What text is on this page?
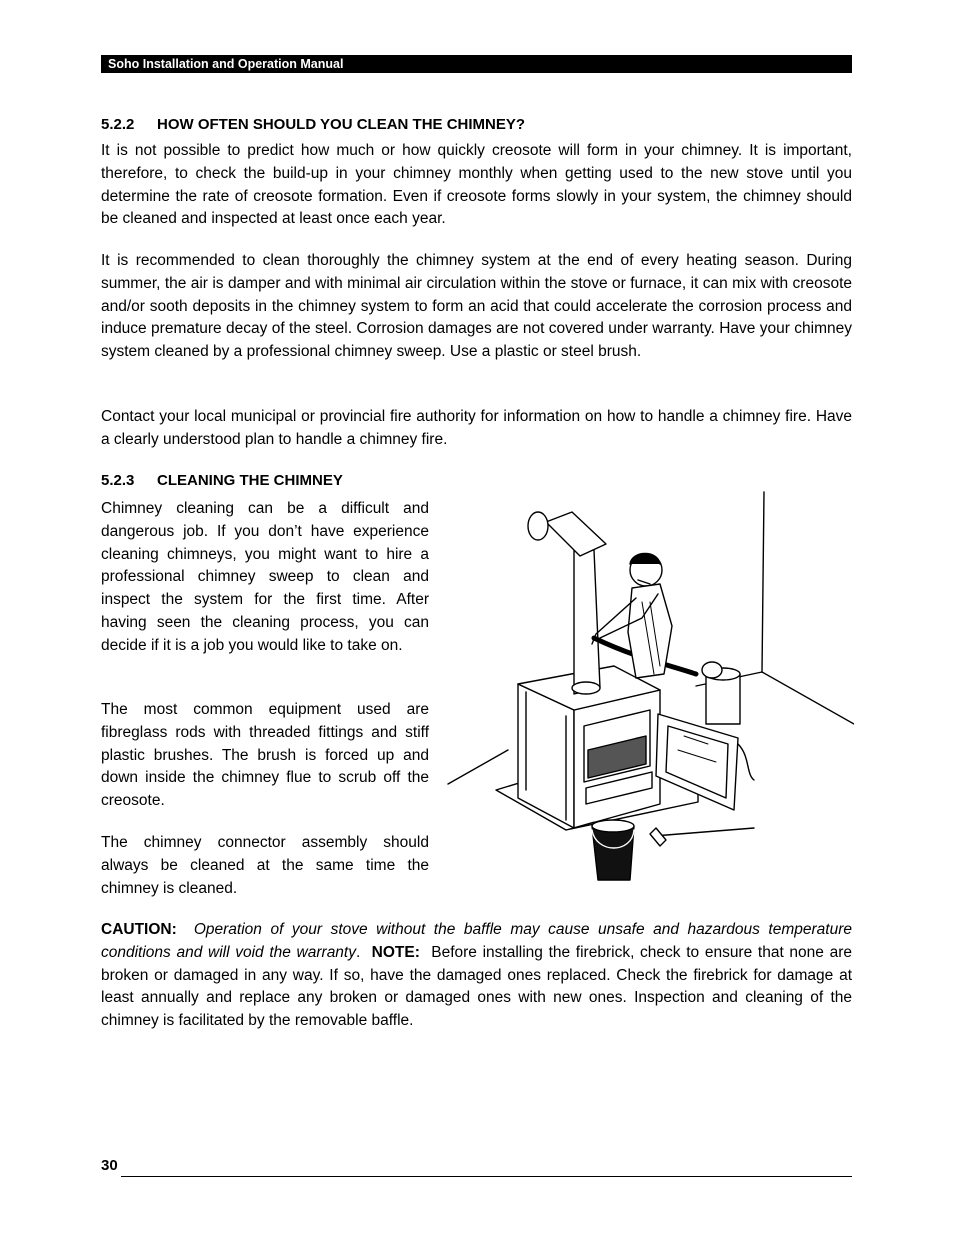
Soho Installation and Operation Manual
5.2.2 HOW OFTEN SHOULD YOU CLEAN THE CHIMNEY?

It is not possible to predict how much or how quickly creosote will form in your chimney. It is important, therefore, to check the build-up in your chimney monthly when getting used to the new stove until you determine the rate of creosote formation. Even if creosote forms slowly in your system, the chimney should be cleaned and inspected at least once each year.

It is recommended to clean thoroughly the chimney system at the end of every heating season. During summer, the air is damper and with minimal air circulation within the stove or furnace, it can mix with creosote and/or sooth deposits in the chimney system to form an acid that could accelerate the corrosion process and induce premature decay of the steel. Corrosion damages are not covered under warranty. Have your chimney system cleaned by a professional chimney sweep. Use a plastic or steel brush.

Contact your local municipal or provincial fire authority for information on how to handle a chimney fire. Have a clearly understood plan to handle a chimney fire.

5.2.3 CLEANING THE CHIMNEY

Chimney cleaning can be a difficult and dangerous job. If you don’t have experience cleaning chimneys, you might want to hire a professional chimney sweep to clean and inspect the system for the first time. After having seen the cleaning process, you can decide if it is a job you would like to take on.

The most common equipment used are fibreglass rods with threaded fittings and stiff plastic brushes. The brush is forced up and down inside the chimney flue to scrub off the creosote.

The chimney connector assembly should always be cleaned at the same time the chimney is cleaned.

CAUTION: Operation of your stove without the baffle may cause unsafe and hazardous temperature conditions and will void the warranty.  NOTE: Before installing the firebrick, check to ensure that none are broken or damaged in any way. If so, have the damaged ones replaced. Check the firebrick for damage at least annually and replace any broken or damaged ones with new ones. Inspection and cleaning of the chimney is facilitated by the removable baffle.

30
